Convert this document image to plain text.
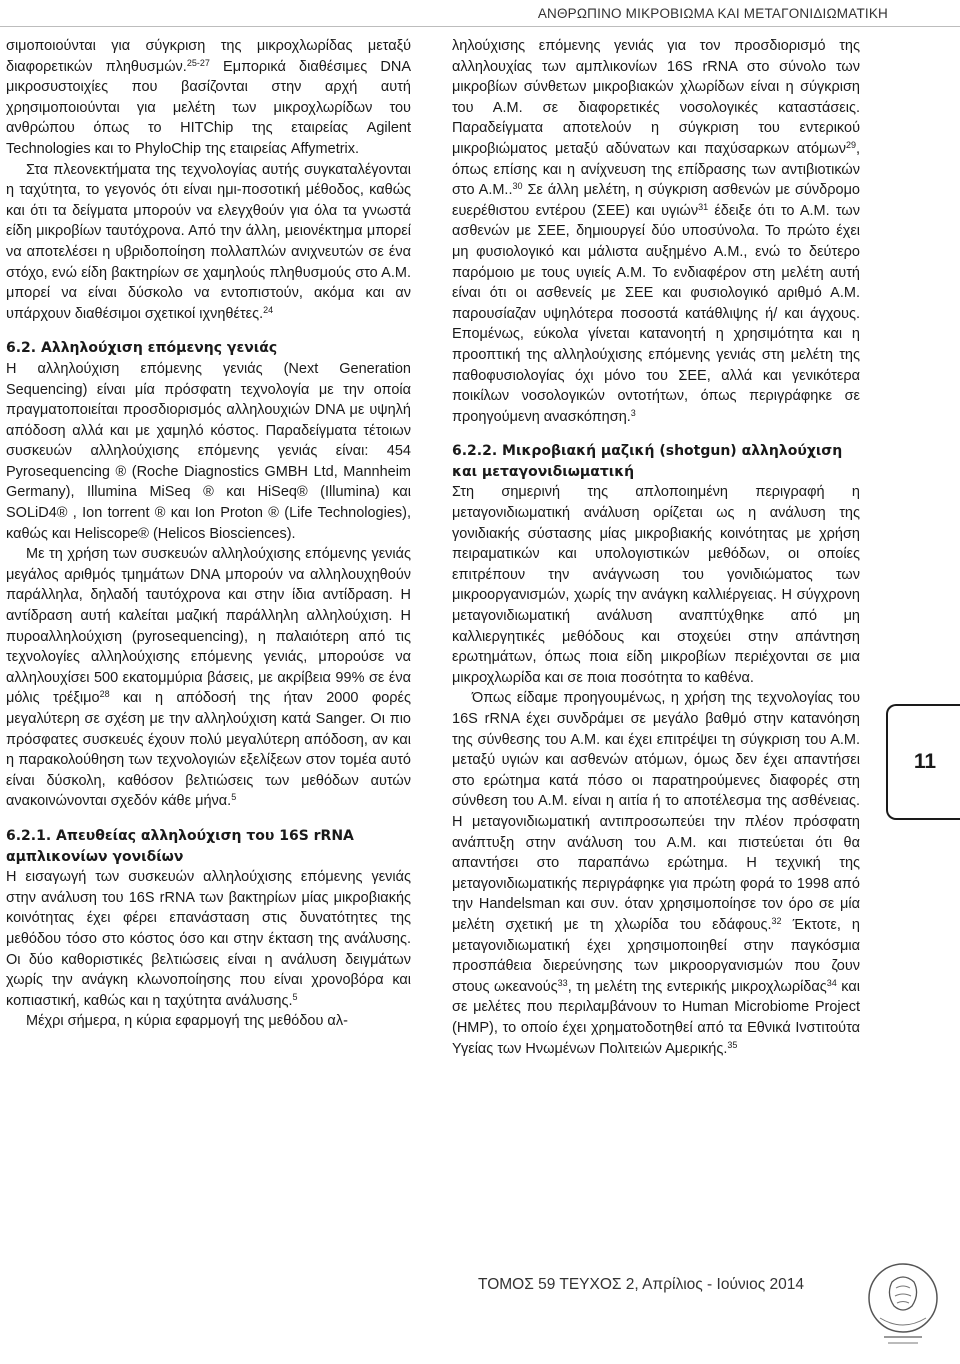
ΑΝΘΡΩΠΙΝΟ ΜΙΚΡΟΒΙΩΜΑ ΚΑΙ ΜΕΤΑΓΟΝΙΔΙΩΜΑΤΙΚΗ

σιμοποιούνται για σύγκριση της μικροχλωρίδας μεταξύ διαφορετικών πληθυσμών.$^{25-27}$ Εμπορικά διαθέσιμες DNA μικροσυστοιχίες που βασίζονται στην αρχή αυτή χρησιμοποιούνται για μελέτη των μικροχλωρίδων του ανθρώπου όπως το HITChip της εταιρείας Agilent Technologies και το PhyloChip της εταιρείας Affymetrix.

Στα πλεονεκτήματα της τεχνολογίας αυτής συγκαταλέγονται η ταχύτητα, το γεγονός ότι είναι ημι-ποσοτική μέθοδος, καθώς και ότι τα δείγματα μπορούν να ελεγχθούν για όλα τα γνωστά είδη μικροβίων ταυτόχρονα. Από την άλλη, μειονέκτημα μπορεί να αποτελέσει η υβριδοποίηση πολλαπλών ανιχνευτών σε ένα στόχο, ενώ είδη βακτηρίων σε χαμηλούς πληθυσμούς στο Α.Μ. μπορεί να είναι δύσκολο να εντοπιστούν, ακόμα και αν υπάρχουν διαθέσιμοι σχετικοί ιχνηθέτες.$^{24}$

6.2. Αλληλούχιση επόμενης γενιάς

Η αλληλούχιση επόμενης γενιάς (Next Generation Sequencing) είναι μία πρόσφατη τεχνολογία με την οποία πραγματοποιείται προσδιορισμός αλληλουχιών DNA με υψηλή απόδοση αλλά και με χαμηλό κόστος. Παραδείγματα τέτοιων συσκευών αλληλούχισης επόμενης γενιάς είναι: 454 Pyrosequencing ® (Roche Diagnostics GMBH Ltd, Mannheim Germany), Illumina MiSeq ® και HiSeq® (Illumina) και SOLiD4® , Ion torrent ® και Ion Proton ® (Life Technologies), καθώς και Heliscope® (Helicos Biosciences).

Με τη χρήση των συσκευών αλληλούχισης επόμενης γενιάς μεγάλος αριθμός τμημάτων DNA μπορούν να αλληλουχηθούν παράλληλα, δηλαδή ταυτόχρονα και στην ίδια αντίδραση. Η αντίδραση αυτή καλείται μαζική παράλληλη αλληλούχιση. Η πυροαλληλούχιση (pyrosequencing), η παλαιότερη από τις τεχνολογίες αλληλούχισης επόμενης γενιάς, μπορούσε να αλληλουχίσει 500 εκατομμύρια βάσεις, με ακρίβεια 99% σε ένα μόλις τρέξιμο$^{28}$ και η απόδοσή της ήταν 2000 φορές μεγαλύτερη σε σχέση με την αλληλούχιση κατά Sanger. Οι πιο πρόσφατες συσκευές έχουν πολύ μεγαλύτερη απόδοση, αν και η παρακολούθηση των τεχνολογιών εξελίξεων στον τομέα αυτό είναι δύσκολη, καθόσον βελτιώσεις των μεθόδων αυτών ανακοινώνονται σχεδόν κάθε μήνα.$^5$

6.2.1. Απευθείας αλληλούχιση του 16S rRNA αμπλικονίων γονιδίων

Η εισαγωγή των συσκευών αλληλούχισης επόμενης γενιάς στην ανάλυση του 16S rRNA των βακτηρίων μίας μικροβιακής κοινότητας έχει φέρει επανάσταση στις δυνατότητες της μεθόδου τόσο στο κόστος όσο και στην έκταση της ανάλυσης. Οι δύο καθοριστικές βελτιώσεις είναι η ανάλυση δειγμάτων χωρίς την ανάγκη κλωνοποίησης που είναι χρονοβόρα και κοπιαστική, καθώς και η ταχύτητα ανάλυσης.$^5$

Μέχρι σήμερα, η κύρια εφαρμογή της μεθόδου αλ-

ληλούχισης επόμενης γενιάς για τον προσδιορισμό της αλληλουχίας των αμπλικονίων 16S rRNA στο σύνολο των μικροβίων σύνθετων μικροβιακών χλωρίδων είναι η σύγκριση του Α.Μ. σε διαφορετικές νοσολογικές καταστάσεις. Παραδείγματα αποτελούν η σύγκριση του εντερικού μικροβιώματος μεταξύ αδύνατων και παχύσαρκων ατόμων$^{29}$, όπως επίσης και η ανίχνευση της επίδρασης των αντιβιοτικών στο Α.Μ..$^{30}$ Σε άλλη μελέτη, η σύγκριση ασθενών με σύνδρομο ευερέθιστου εντέρου (ΣΕΕ) και υγιών$^{31}$ έδειξε ότι το Α.Μ. των ασθενών με ΣΕΕ, δημιουργεί δύο υποσύνολα. Το πρώτο έχει μη φυσιολογικό και μάλιστα αυξημένο Α.Μ., ενώ το δεύτερο παρόμοιο με τους υγιείς Α.Μ. Το ενδιαφέρον στη μελέτη αυτή είναι ότι οι ασθενείς με ΣΕΕ και φυσιολογικό αριθμό Α.Μ. παρουσίαζαν υψηλότερα ποσοστά κατάθλιψης ή/ και άγχους. Επομένως, εύκολα γίνεται κατανοητή η χρησιμότητα και η προοπτική της αλληλούχισης επόμενης γενιάς στη μελέτη της παθοφυσιολογίας όχι μόνο του ΣΕΕ, αλλά και γενικότερα ποικίλων νοσολογικών οντοτήτων, όπως περιγράφηκε σε προηγούμενη ανασκόπηση.$^3$

6.2.2. Μικροβιακή μαζική (shotgun) αλληλούχιση και μεταγονιδιωματική

Στη σημερινή της απλοποιημένη περιγραφή η μεταγονιδιωματική ανάλυση ορίζεται ως η ανάλυση της γονιδιακής σύστασης μίας μικροβιακής κοινότητας με χρήση πειραματικών και υπολογιστικών μεθόδων, οι οποίες επιτρέπουν την ανάγνωση του γονιδιώματος των μικροοργανισμών, χωρίς την ανάγκη καλλιέργειας. Η σύγχρονη μεταγονιδιωματική ανάλυση αναπτύχθηκε από μη καλλιεργητικές μεθόδους και στοχεύει στην απάντηση ερωτημάτων, όπως ποια είδη μικροβίων περιέχονται σε μια μικροχλωρίδα και σε ποια ποσότητα το καθένα.

Όπως είδαμε προηγουμένως, η χρήση της τεχνολογίας του 16S rRNA έχει συνδράμει σε μεγάλο βαθμό στην κατανόηση της σύνθεσης του Α.Μ. και έχει επιτρέψει τη σύγκριση του Α.Μ. μεταξύ υγιών και ασθενών ατόμων, όμως δεν έχει απαντήσει στο ερώτημα κατά πόσο οι παρατηρούμενες διαφορές στη σύνθεση του Α.Μ. είναι η αιτία ή το αποτέλεσμα της ασθένειας. Η μεταγονιδιωματική αντιπροσωπεύει την πλέον πρόσφατη ανάπτυξη στην ανάλυση του Α.Μ. και πιστεύεται ότι θα απαντήσει στο παραπάνω ερώτημα. Η τεχνική της μεταγονιδιωματικής περιγράφηκε για πρώτη φορά το 1998 από την Handelsman και συν. όταν χρησιμοποίησε τον όρο σε μία μελέτη σχετική με τη χλωρίδα του εδάφους.$^{32}$ Έκτοτε, η μεταγονιδιωματική έχει χρησιμοποιηθεί στην παγκόσμια προσπάθεια διερεύνησης των μικροοργανισμών που ζουν στους ωκεανούς$^{33}$, τη μελέτη της εντερικής μικροχλωρίδας$^{34}$ και σε μελέτες που περιλαμβάνουν το Human Microbiome Project (HMP), το οποίο έχει χρηματοδοτηθεί από τα Εθνικά Ινστιτούτα Υγείας των Ηνωμένων Πολιτειών Αμερικής.$^{35}$

11
ΤΟΜΟΣ 59 ΤΕΥΧΟΣ 2, Απρίλιος - Ιούνιος 2014
